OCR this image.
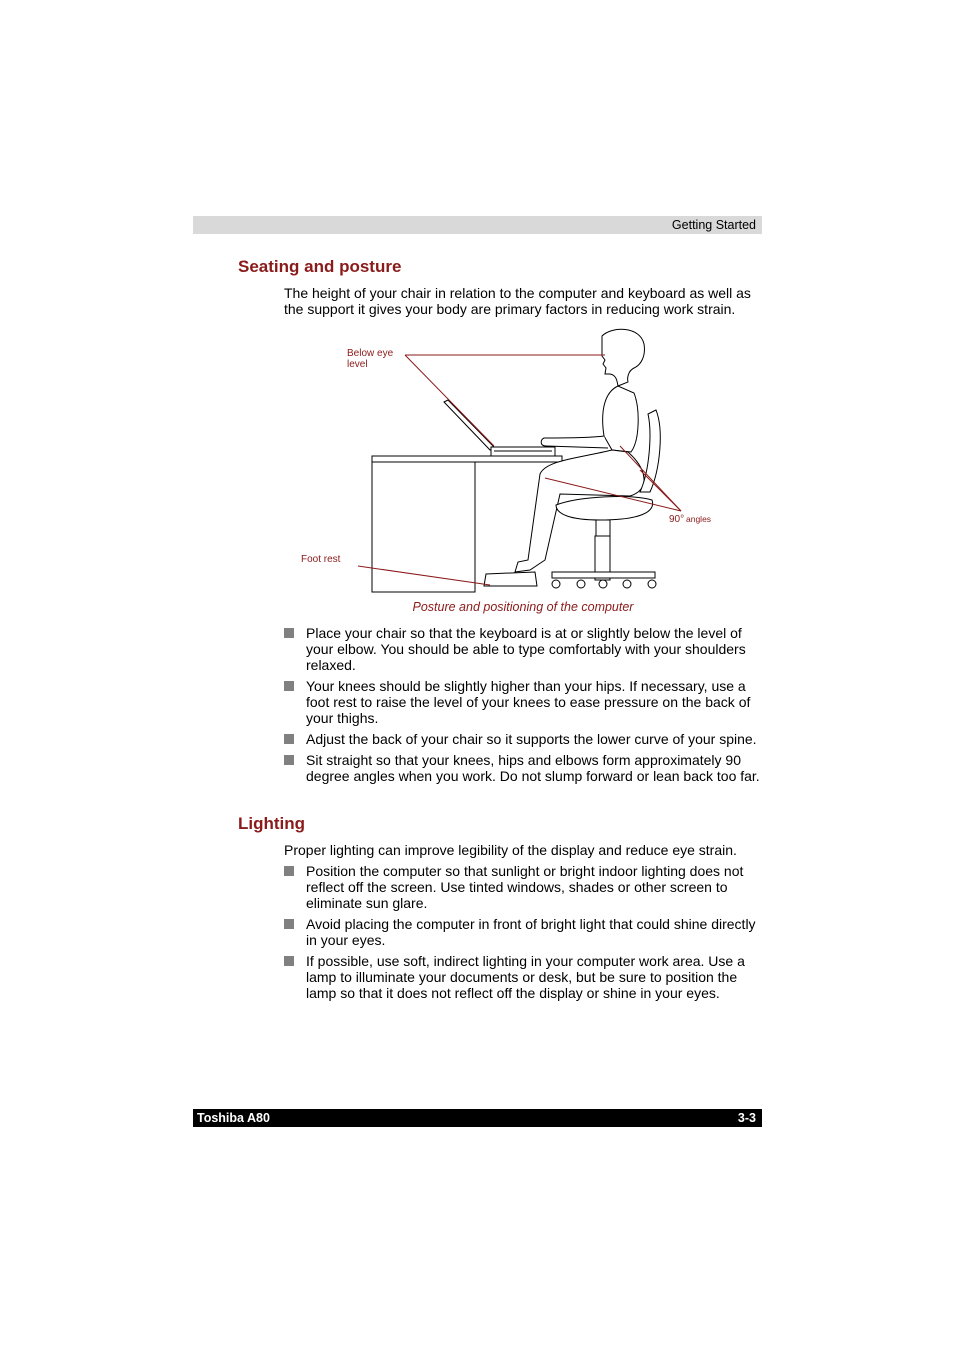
Getting Started
Seating and posture

The height of your chair in relation to the computer and keyboard as well as the support it gives your body are primary factors in reducing work strain.

Below eye
level
Foot rest
90° angles
Posture and positioning of the computer
Place your chair so that the keyboard is at or slightly below the level of your elbow. You should be able to type comfortably with your shoulders relaxed.
Your knees should be slightly higher than your hips. If necessary, use a foot rest to raise the level of your knees to ease pressure on the back of your thighs.
Adjust the back of your chair so it supports the lower curve of your spine.
Sit straight so that your knees, hips and elbows form approximately 90 degree angles when you work. Do not slump forward or lean back too far.
Lighting

Proper lighting can improve legibility of the display and reduce eye strain.

Position the computer so that sunlight or bright indoor lighting does not reflect off the screen. Use tinted windows, shades or other screen to eliminate sun glare.
Avoid placing the computer in front of bright light that could shine directly in your eyes.
If possible, use soft, indirect lighting in your computer work area. Use a lamp to illuminate your documents or desk, but be sure to position the lamp so that it does not reflect off the display or shine in your eyes.
Toshiba A80	3-3
